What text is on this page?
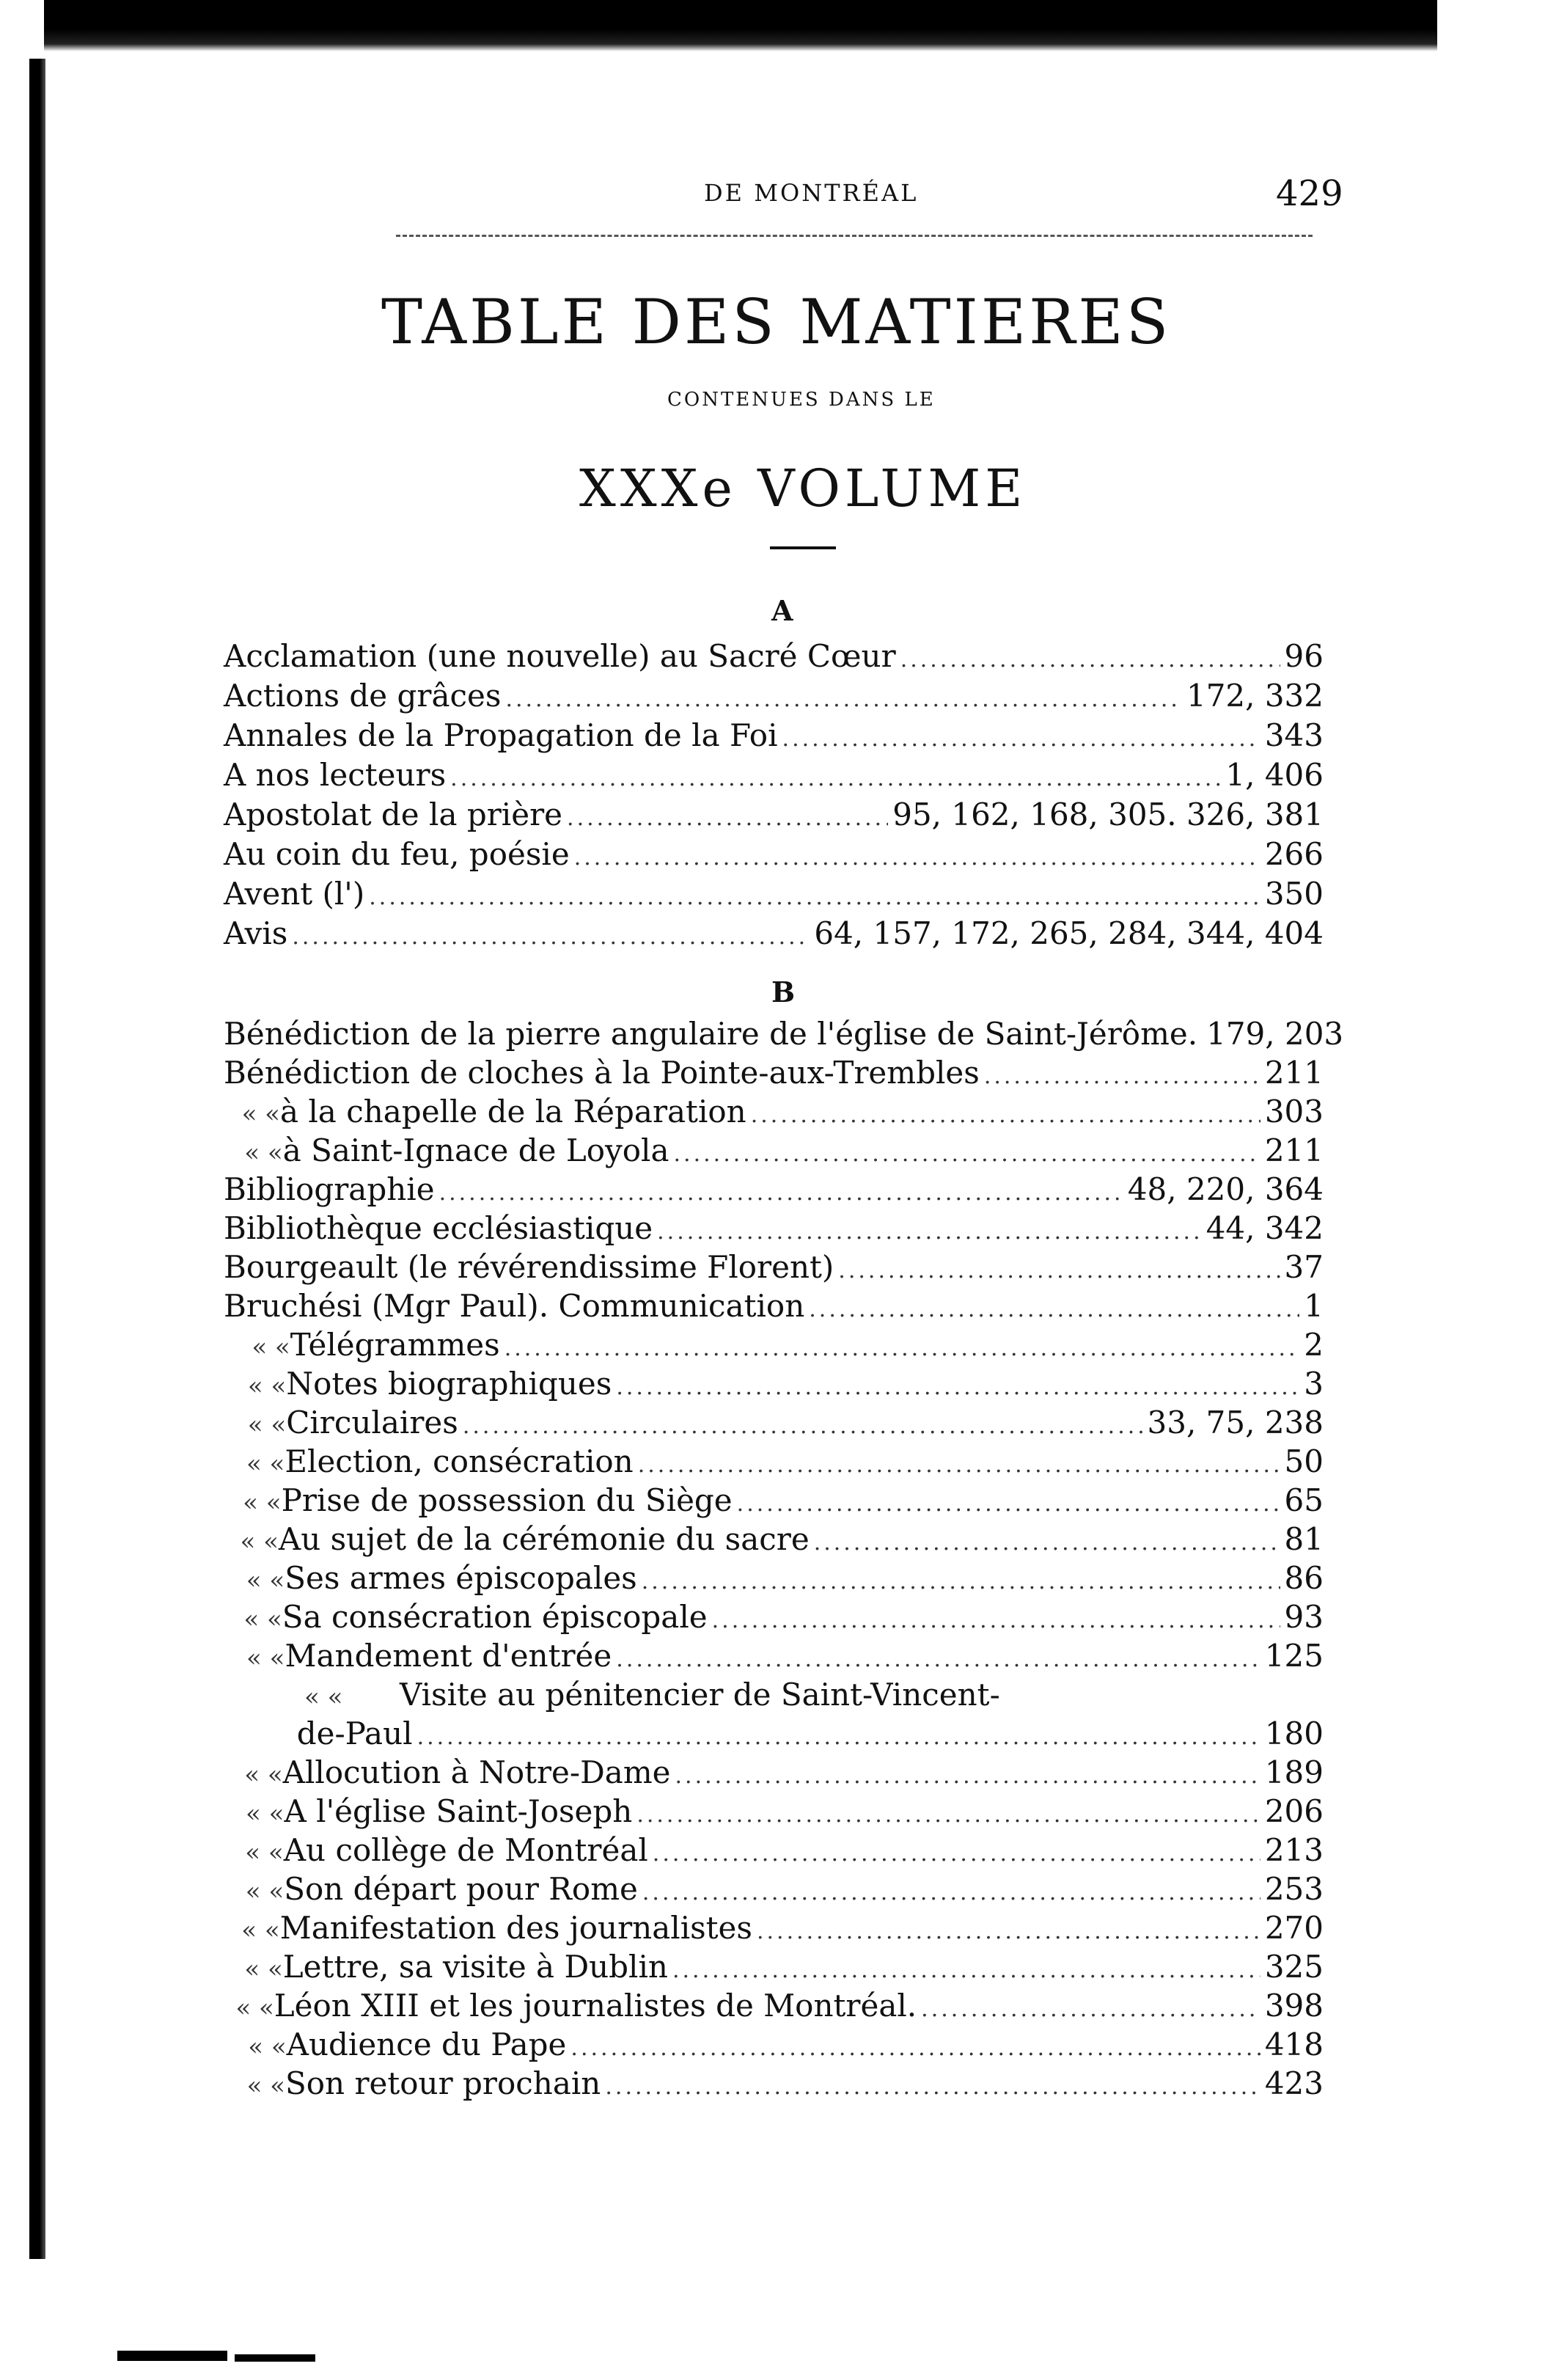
DE MONTRÉAL	429
TABLE DES MATIERES
CONTENUES DANS LE
XXXe VOLUME
A
Acclamation (une nouvelle) au Sacré Cœur .....	96
Actions de grâces .....	172, 332
Annales de la Propagation de la Foi .....	343
A nos lecteurs .....	1, 406
Apostolat de la prière .....	95, 162, 168, 305. 326, 381
Au coin du feu, poésie .....	266
Avent (l') .....	350
Avis .....	64, 157, 172, 265, 284, 344, 404
B
Bénédiction de la pierre angulaire de l'église de Saint-Jérôme. 179, 203
Bénédiction de cloches à la Pointe-aux-Trembles .....	211
« « à la chapelle de la Réparation .....	303
« « à Saint-Ignace de Loyola .....	211
Bibliographie .....	48, 220, 364
Bibliothèque ecclésiastique .....	44, 342
Bourgeault (le révérendissime Florent) .....	37
Bruchési (Mgr Paul). Communication .....	1
« « Télégrammes .....	2
« « Notes biographiques .....	3
« « Circulaires .....	33, 75, 238
« « Election, consécration .....	50
« « Prise de possession du Siège .....	65
« « Au sujet de la cérémonie du sacre .....	81
« « Ses armes épiscopales .....	86
« « Sa consécration épiscopale .....	93
« « Mandement d'entrée .....	125
« «	Visite au pénitencier de Saint-Vincent-
de-Paul .....	180
« « Allocution à Notre-Dame .....	189
« « A l'église Saint-Joseph .....	206
« « Au collège de Montréal .....	213
« « Son départ pour Rome .....	253
« « Manifestation des journalistes .....	270
« « Lettre, sa visite à Dublin .....	325
« « Léon XIII et les journalistes de Montréal. .....	398
« « Audience du Pape .....	418
« « Son retour prochain .....	423
